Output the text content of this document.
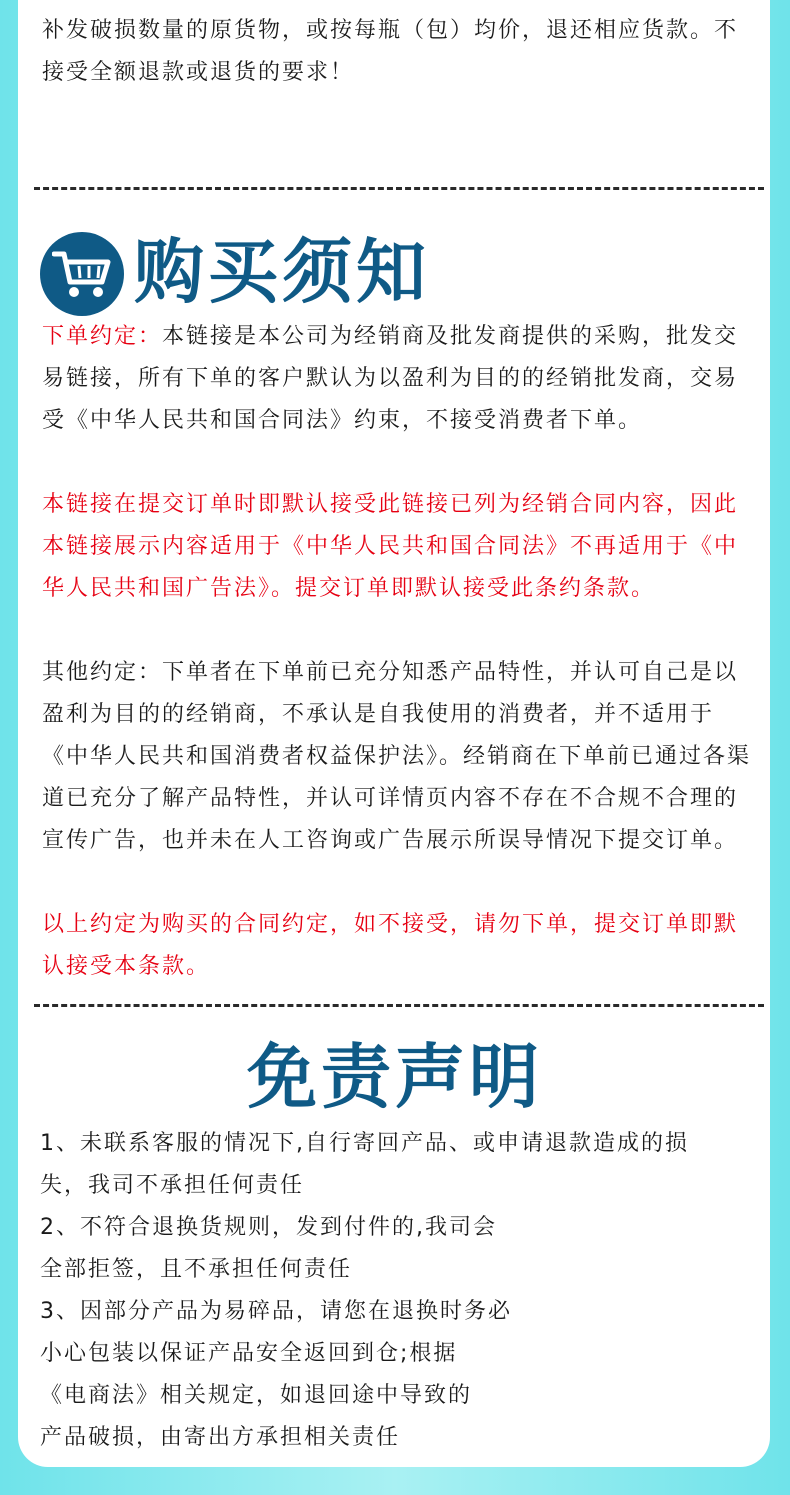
补发破损数量的原货物，或按每瓶（包）均价，退还相应货款。不

接受全额退款或退货的要求！

购买须知

下单约定：本链接是本公司为经销商及批发商提供的采购，批发交易链接，所有下单的客户默认为以盈利为目的的经销批发商，交易受《中华人民共和国合同法》约束，不接受消费者下单。

本链接在提交订单时即默认接受此链接已列为经销合同内容，因此本链接展示内容适用于《中华人民共和国合同法》不再适用于《中华人民共和国广告法》。提交订单即默认接受此条约条款。

其他约定：下单者在下单前已充分知悉产品特性，并认可自己是以盈利为目的的经销商，不承认是自我使用的消费者，并不适用于《中华人民共和国消费者权益保护法》。经销商在下单前已通过各渠道已充分了解产品特性，并认可详情页内容不存在不合规不合理的宣传广告，也并未在人工咨询或广告展示所误导情况下提交订单。

以上约定为购买的合同约定，如不接受，请勿下单，提交订单即默认接受本条款。

免责声明

1、未联系客服的情况下,自行寄回产品、或申请退款造成的损

失，我司不承担任何责任

2、不符合退换货规则，发到付件的,我司会

全部拒签，且不承担任何责任

3、因部分产品为易碎品，请您在退换时务必

小心包装以保证产品安全返回到仓;根据

《电商法》相关规定，如退回途中导致的

产品破损，由寄出方承担相关责任
